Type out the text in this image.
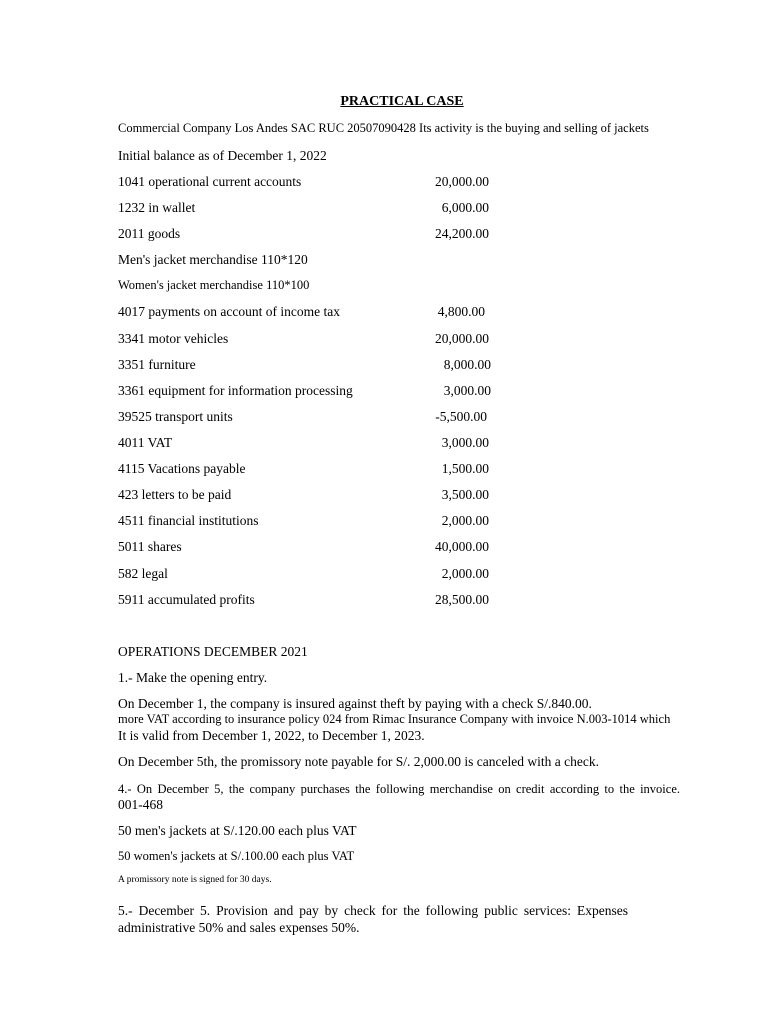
PRACTICAL CASE
Commercial Company Los Andes SAC RUC 20507090428 Its activity is the buying and selling of jackets
Initial balance as of December 1, 2022
1041 operational current accounts	20,000.00
1232 in wallet	6,000.00
2011 goods	24,200.00
Men's jacket merchandise 110*120
Women's jacket merchandise 110*100
4017 payments on account of income tax	4,800.00
3341 motor vehicles	20,000.00
3351 furniture	8,000.00
3361 equipment for information processing	3,000.00
39525 transport units	-5,500.00
4011 VAT	3,000.00
4115 Vacations payable	1,500.00
423 letters to be paid	3,500.00
4511 financial institutions	2,000.00
5011 shares	40,000.00
582 legal	2,000.00
5911 accumulated profits	28,500.00
OPERATIONS DECEMBER 2021
1.- Make the opening entry.
On December 1, the company is insured against theft by paying with a check S/.840.00.
more VAT according to insurance policy 024 from Rimac Insurance Company with invoice N.003-1014 which
It is valid from December 1, 2022, to December 1, 2023.
On December 5th, the promissory note payable for S/. 2,000.00 is canceled with a check.
4.- On December 5, the company purchases the following merchandise on credit according to the invoice.
001-468
50 men's jackets at S/.120.00 each plus VAT
50 women's jackets at S/.100.00 each plus VAT
A promissory note is signed for 30 days.
5.- December 5. Provision and pay by check for the following public services: Expenses administrative 50% and sales expenses 50%.
